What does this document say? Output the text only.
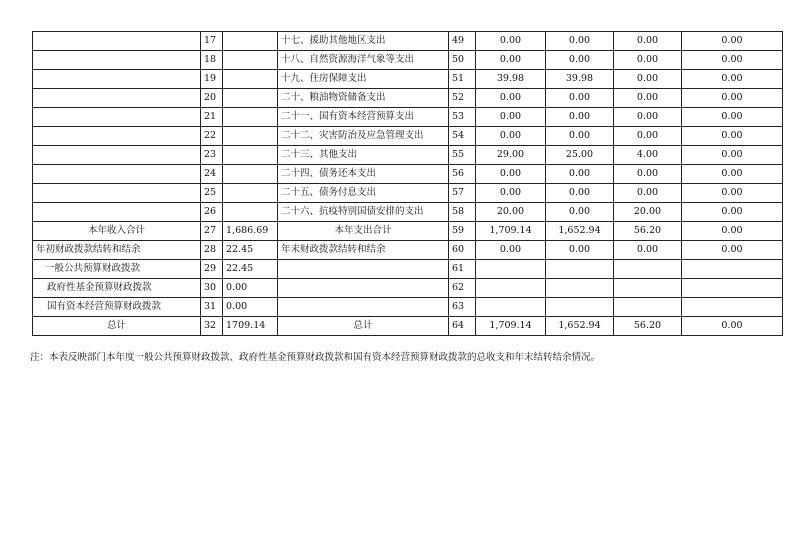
	17		十七、援助其他地区支出	49	0.00	0.00	0.00	0.00
	18		十八、自然资源海洋气象等支出	50	0.00	0.00	0.00	0.00
	19		十九、住房保障支出	51	39.98	39.98	0.00	0.00
	20		二十、粮油物资储备支出	52	0.00	0.00	0.00	0.00
	21		二十一、国有资本经营预算支出	53	0.00	0.00	0.00	0.00
	22		二十二、灾害防治及应急管理支出	54	0.00	0.00	0.00	0.00
	23		二十三、其他支出	55	29.00	25.00	4.00	0.00
	24		二十四、债务还本支出	56	0.00	0.00	0.00	0.00
	25		二十五、债务付息支出	57	0.00	0.00	0.00	0.00
	26		二十六、抗疫特别国债安排的支出	58	20.00	0.00	20.00	0.00
本年收入合计	27	1,686.69	本年支出合计	59	1,709.14	1,652.94	56.20	0.00
年初财政拨款结转和结余	28	22.45	年末财政拨款结转和结余	60	0.00	0.00	0.00	0.00
一般公共预算财政拨款	29	22.45		61				
政府性基金预算财政拨款	30	0.00		62				
国有资本经营预算财政拨款	31	0.00		63				
总计	32	1709.14	总计	64	1,709.14	1,652.94	56.20	0.00
注：本表反映部门本年度一般公共预算财政拨款、政府性基金预算财政拨款和国有资本经营预算财政拨款的总收支和年末结转结余情况。
